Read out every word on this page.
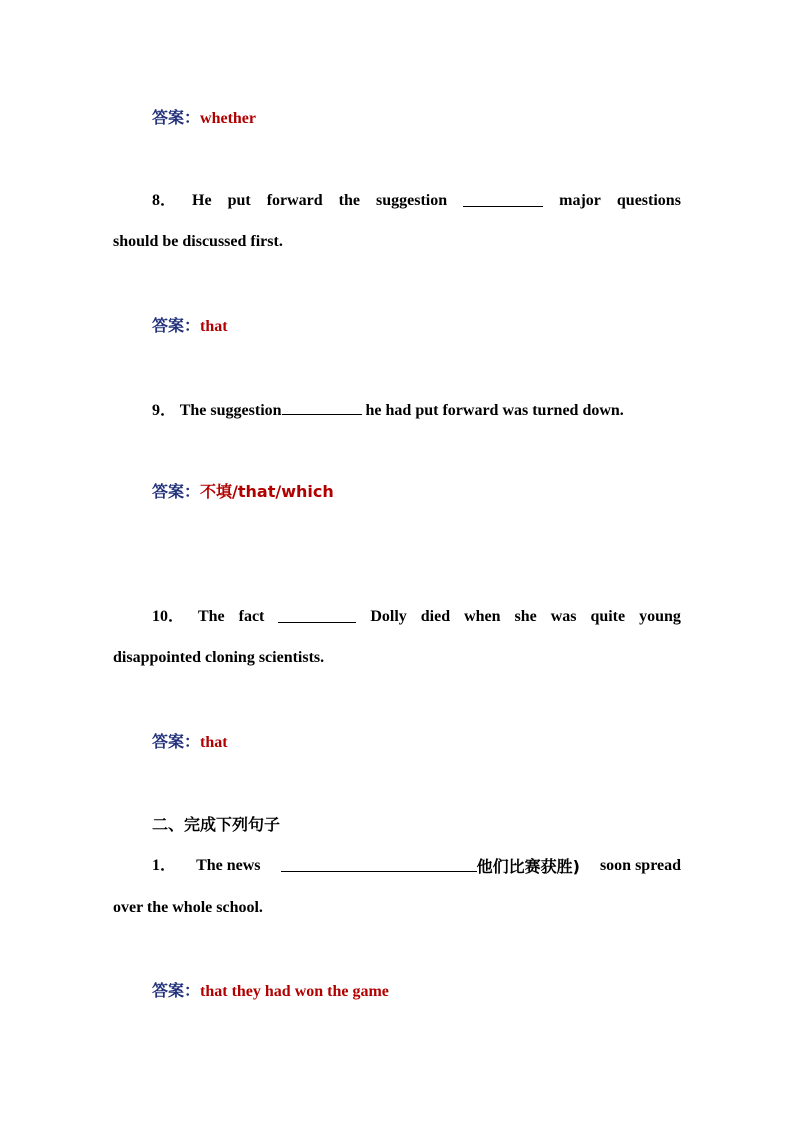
答案：whether
8． He put forward the suggestion	major questions
should be discussed first.
答案：that
9． The suggestion	he had put forward was turned down.
答案：不填/that/which
10． The fact	Dolly died when she was quite young
disappointed cloning scientists.
答案：that
二、完成下列句子
1． The news	他们比赛获胜) soon spread
over the whole school.
答案：that they had won the game
